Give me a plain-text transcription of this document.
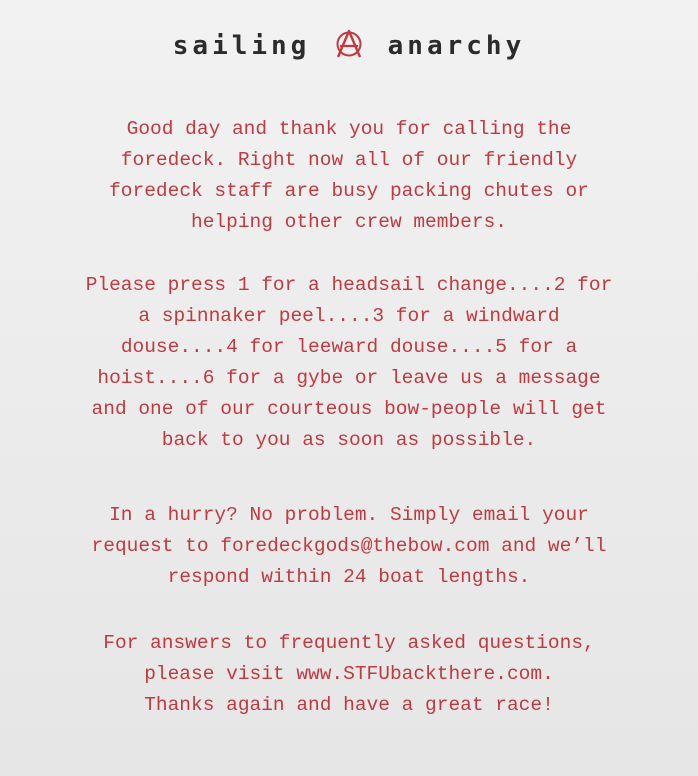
sailing	anarchy

Good day and thank you for calling the
foredeck. Right now all of our friendly
foredeck staff are busy packing chutes or
helping other crew members.

Please press 1 for a headsail change....2 for
a spinnaker peel....3 for a windward
douse....4 for leeward douse....5 for a
hoist....6 for a gybe or leave us a message
and one of our courteous bow-people will get
back to you as soon as possible.

In a hurry? No problem. Simply email your
request to foredeckgods@thebow.com and we’ll
respond within 24 boat lengths.

For answers to frequently asked questions,
please visit www.STFUbackthere.com.
Thanks again and have a great race!
